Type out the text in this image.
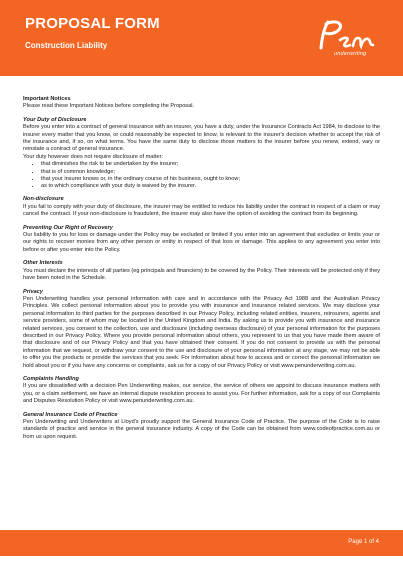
PROPOSAL FORM
Construction Liability
underwriting
Important Notices

Please read these Important Notices before completing the Proposal.

Your Duty of Disclosure

Before you enter into a contract of general insurance with an insurer, you have a duty, under the Insurance Contracts Act 1984, to disclose to the insurer every matter that you know, or could reasonably be expected to know, is relevant to the insurer's decision whether to accept the risk of the insurance and, if so, on what terms. You have the same duty to disclose those matters to the insurer before you renew, extend, vary or reinstate a contract of general insurance.

Your duty however does not require disclosure of matter:

• that diminishes the risk to be undertaken by the insurer;
• that is of common knowledge;
• that your insurer knows or, in the ordinary course of his business, ought to know;
• as to which compliance with your duty is waived by the insurer.
Non-disclosure

If you fail to comply with your duty of disclosure, the insurer may be entitled to reduce his liability under the contract in respect of a claim or may cancel the contract. If your non-disclosure is fraudulent, the insurer may also have the option of avoiding the contract from its beginning.

Preventing Our Right of Recovery

Our liability to you for loss or damage under the Policy may be excluded or limited if you enter into an agreement that excludes or limits your or our rights to recover monies from any other person or entity in respect of that loss or damage. This applies to any agreement you enter into before or after you enter into the Policy.

Other Interests

You must declare the interests of all parties (eg principals and financiers) to be covered by the Policy. Their interests will be protected only if they have been noted in the Schedule.

Privacy

Pen Underwriting handles your personal information with care and in accordance with the Privacy Act 1988 and the Australian Privacy Principles. We collect personal information about you to provide you with insurance and insurance related services. We may disclose your personal information to third parties for the purposes described in our Privacy Policy, including related entities, insurers, reinsurers, agents and service providers, some of whom may be located in the United Kingdom and India. By asking us to provide you with insurance and insurance related services, you consent to the collection, use and disclosure (including overseas disclosure) of your personal information for the purposes described in our Privacy Policy. Where you provide personal information about others, you represent to us that you have made them aware of that disclosure and of our Privacy Policy and that you have obtained their consent. If you do not consent to provide us with the personal information that we request, or withdraw your consent to the use and disclosure of your personal information at any stage, we may not be able to offer you the products or provide the services that you seek. For information about how to access and or correct the personal information we hold about you or if you have any concerns or complaints, ask us for a copy of our Privacy Policy or visit www.penunderwriting.com.au.

Complaints Handling

If you are dissatisfied with a decision Pen Underwriting makes, our service, the service of others we appoint to discuss insurance matters with you, or a claim settlement, we have an internal dispute resolution process to assist you. For further information, ask for a copy of our Complaints and Disputes Resolution Policy or visit www.penunderwriting.com.au.

General Insurance Code of Practice

Pen Underwriting and Underwriters at Lloyd's proudly support the General Insurance Code of Practice. The purpose of the Code is to raise standards of practice and service in the general insurance industry. A copy of the Code can be obtained from www.codeofpractice.com.au or from us upon request.

Page 1 of 4
